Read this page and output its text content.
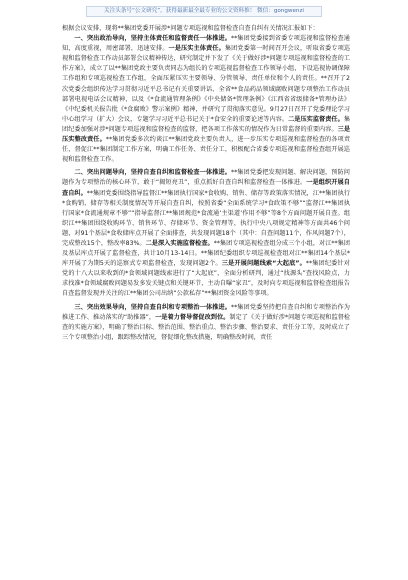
关注头条号“公文研究”，获得最新最全最专业的公文资料推！ 微信：gongwenzi

根据会议安排，现将**集团党委开展涉*问题专项巡视和监督检查自查自纠有关情况汇报如下：

一、突出政治导向，坚持主体责任和监督责任一体推进。**集团党委接到省委专项巡视和监督检查通知，高度重视，周密部署，迅速安排。一是压实主体责任。集团党委第一时间召开会议，听取省委专项巡视和监督检查工作动员部署会议精神传达，研究制定并下发了《关于做好涉*问题专项巡视和监督检查的工作方案》，成立了以**集团党政主要负责同志为组长的专项巡视监督检查工作领导小组，下设巡视协调保障工作组和专项巡视检查工作组，全面压紧压实主要领导、分管领导、责任单位和个人的责任。**召开了2次党委会组织传达学习贯彻习近平总书记有关重要讲话、全省**食品药品领域腐败问题专项整治工作动员部署电视电话会议精神，以及《*食流通管理条例》《中央储备*管理条例》《江西省省级储备*管理办法》《中纪委机关报告批《*食腐败》警示案例》精神，并研究了贯彻落实意见。9月27日召开了党委理论学习中心组学习（扩大）会议，专题学习习近平总书记关于*食安全的重要论述等内容。二是压实监督责任。集团纪委加强对涉*问题专项巡视和监督检查的监督，把各项工作落实的情况作为日常监督的重要内容。三是压实整改责任。**集团党委多次约谈江**集团党政主要负责人，进一步压实专项巡视和监督检查的各项责任，督促江**集团制定工作方案，明确工作任务、责任分工，积极配合省委专项巡视和监督检查组开展巡视和监督检查工作。

二、突出问题导向，坚持自查自纠和监督检查一体推进。**集团党委把发现问题、解决问题，预防问题作为专项整治的核心环节，敢于“揭短亮丑”，重点抓好自查自纠和监督检查一体推进。一是组织开展自查自纠。**集团党委围绕指导监督江**集团执行国家*食收购、销售、储存等政策落实情况，江**集团执行*食购销、储存等相关制度情况等开展自查自纠，按照省委“全面系统学习*食政策不够”“监督江**集团执行国家*食流通规章不够”“指导监督江**集团规范*食流通‘主渠道’作用不够”等8个方面问题开展自查。组织江**集团围绕收购环节、销售环节、存储环节、资金管理等，执行中央八项规定精神等方面共46个问题，对91个基层*食收储库点开展了全面排查，共发现问题18个（其中：自查问题11个，作风问题7个），完成整改15个，整改率83%。二是深入实施监督检查。**集团专项巡视检查组分成三个小组，对江**集团及基层库点开展了监督检查，共计10月13-14日。**集团纪委组织专项巡视检查组对江**集团14个基层*库开展了为期5天的巡察式专项监督检查，发现问题2个。三是开展问题线索“大起底”。**集团纪委针对党的十八大以来收到的*食领域问题线索进行了“大起底”，全面分析研判，通过“找源头”查找风险点，力求找准*食领域腐败问题易发多发关键点和关键环节，主动自曝“家丑”，及时向专项巡视和监督检查组报告自查监督发现并关注的江**集团公司出纳“公款私存”**集团资金风险等事项。

三、突出效果导向，坚持自查自纠和专项整治一体推进。**集团党委坚持把自查自纠和专项整治作为推进工作、推动落实的“助推器”，一是着力督导督促改到位。制定了《关于做好涉*问题专项巡视和监督检查的实施方案》，明确了整治目标、整治范围、整治重点、整治步骤、整治要求、责任分工等，及时成立了三个专项整治小组，跟踪整改情况，督促细化整改措施，明确整改时间，责任
